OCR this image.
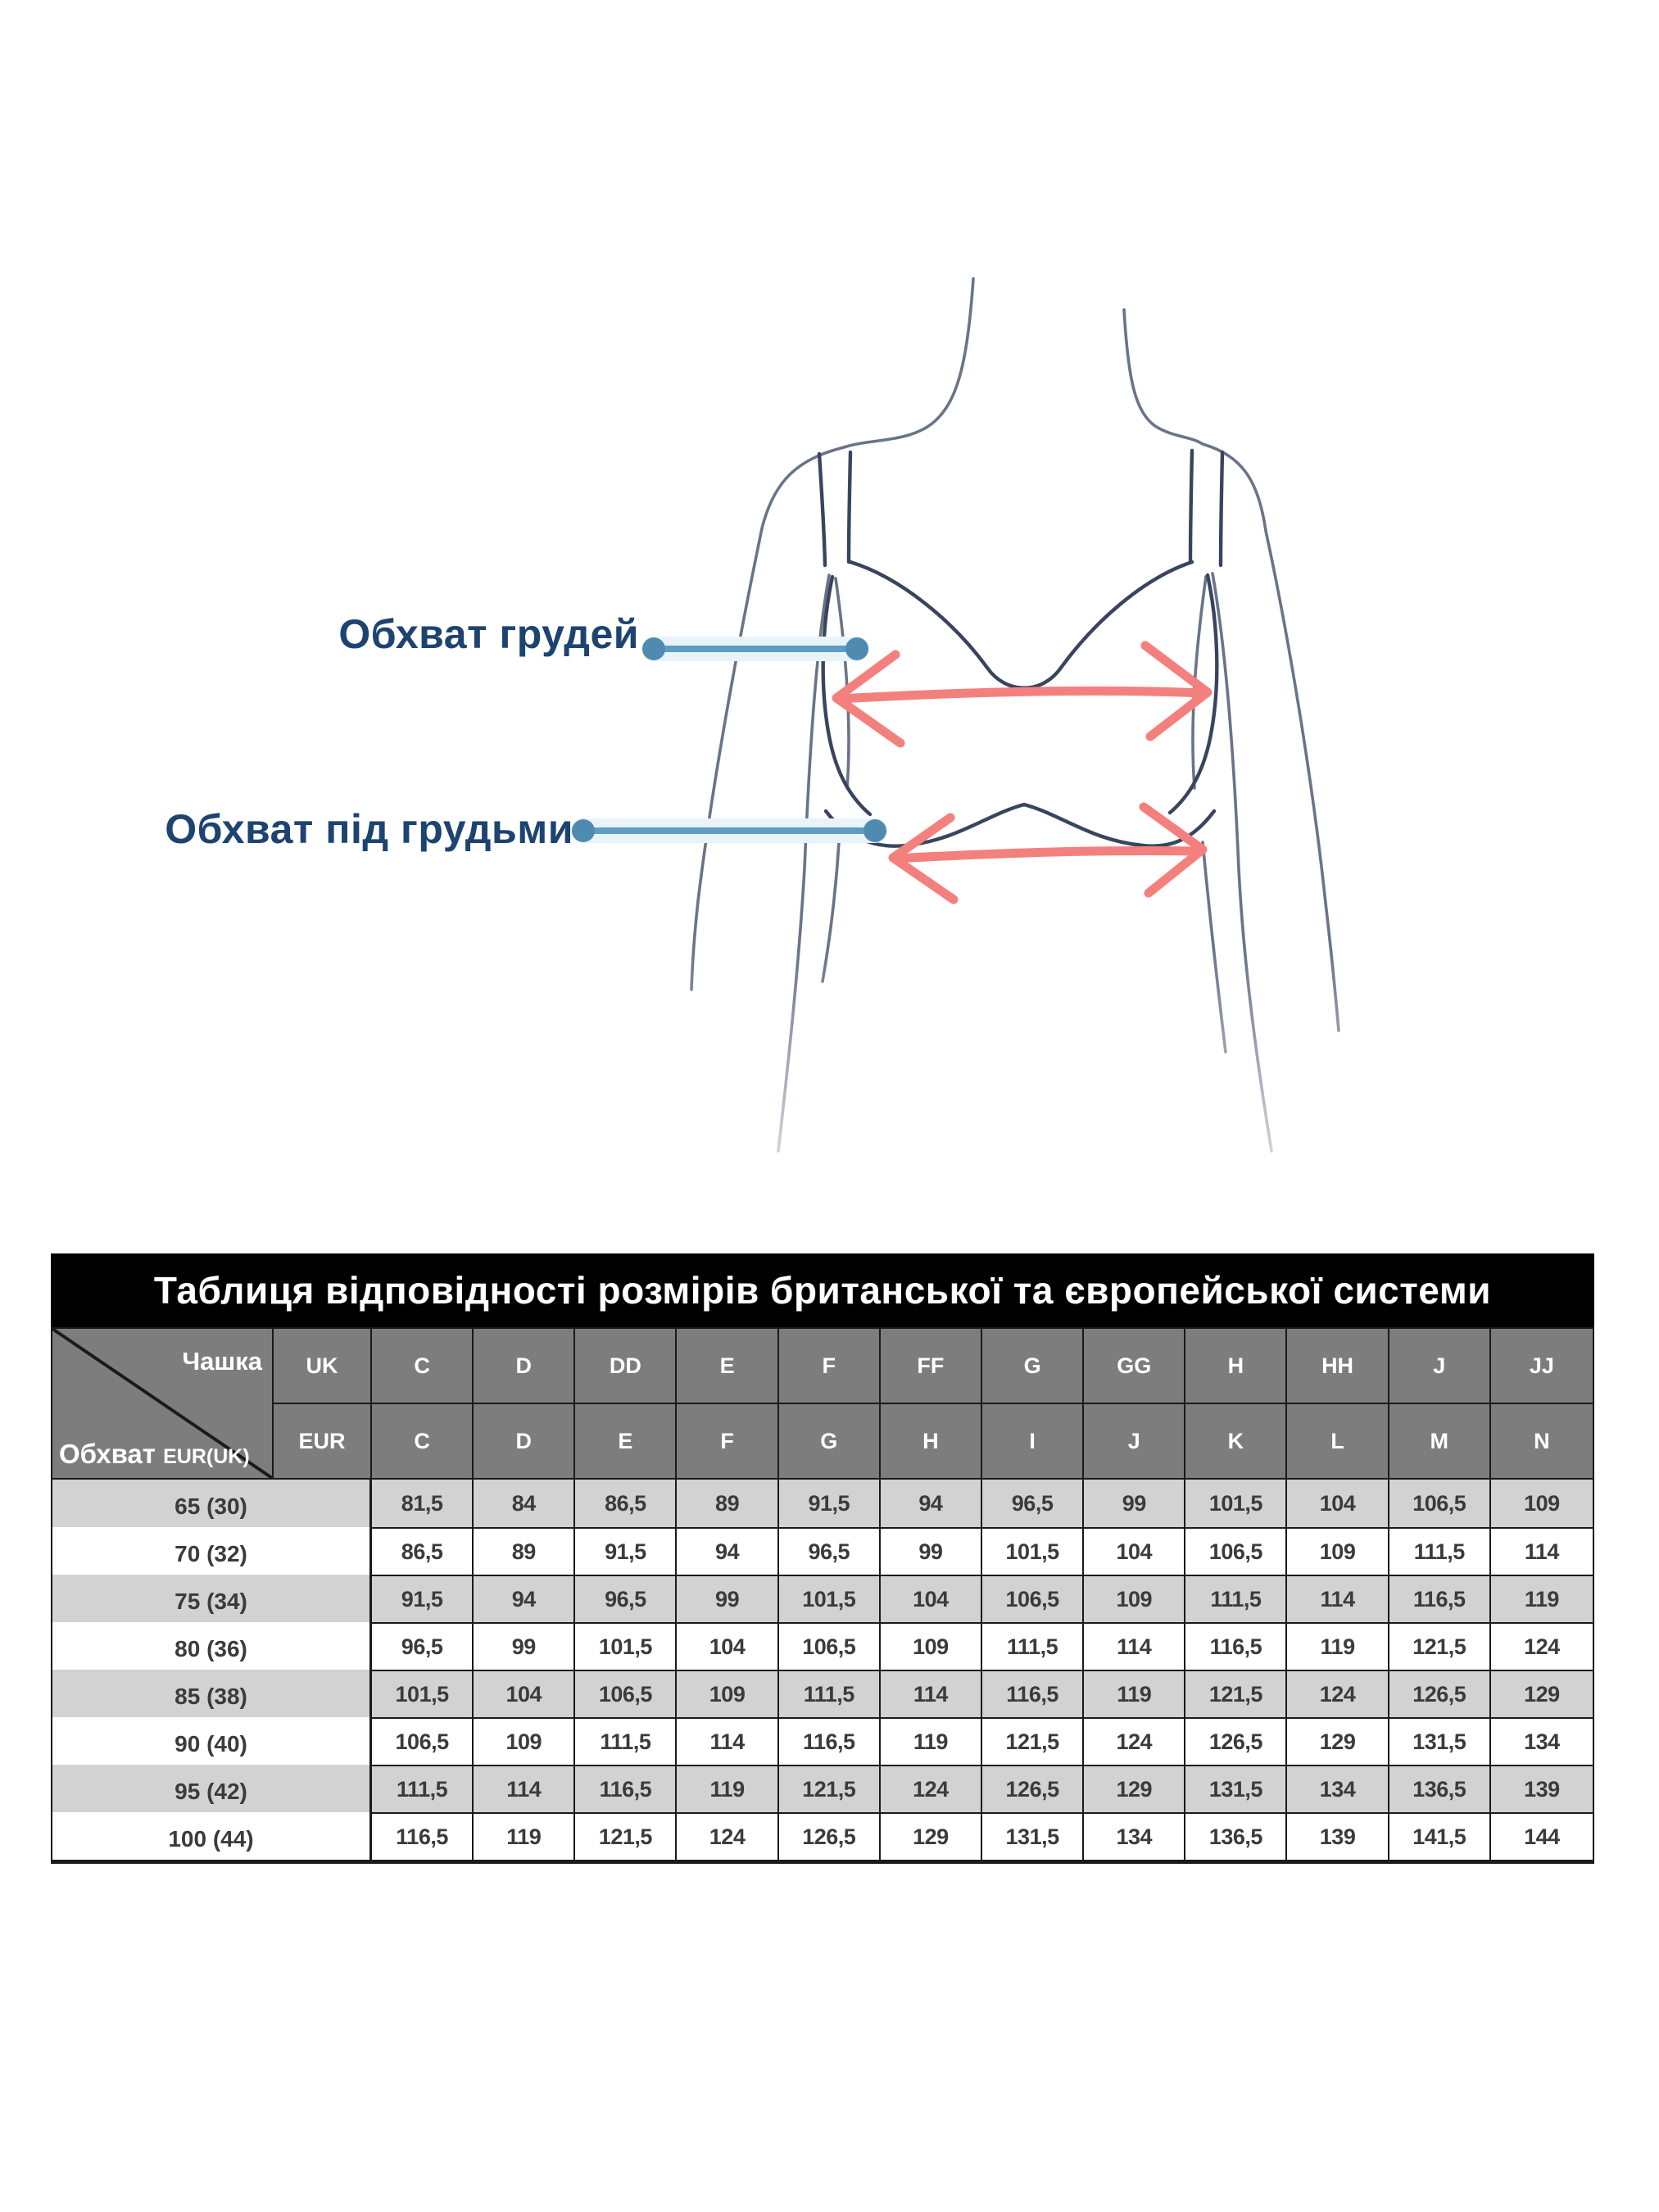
Обхват грудей
Обхват під грудьми
Таблиця відповідності розмірів британської та європейської системи
Чашка
Обхват EUR(UK)
UK	C	D	DD	E	F	FF	G	GG	H	HH	J	JJ
EUR	C	D	E	F	G	H	I	J	K	L	M	N
65 (30)	81,5	84	86,5	89	91,5	94	96,5	99	101,5	104	106,5	109
70 (32)	86,5	89	91,5	94	96,5	99	101,5	104	106,5	109	111,5	114
75 (34)	91,5	94	96,5	99	101,5	104	106,5	109	111,5	114	116,5	119
80 (36)	96,5	99	101,5	104	106,5	109	111,5	114	116,5	119	121,5	124
85 (38)	101,5	104	106,5	109	111,5	114	116,5	119	121,5	124	126,5	129
90 (40)	106,5	109	111,5	114	116,5	119	121,5	124	126,5	129	131,5	134
95 (42)	111,5	114	116,5	119	121,5	124	126,5	129	131,5	134	136,5	139
100 (44)	116,5	119	121,5	124	126,5	129	131,5	134	136,5	139	141,5	144
